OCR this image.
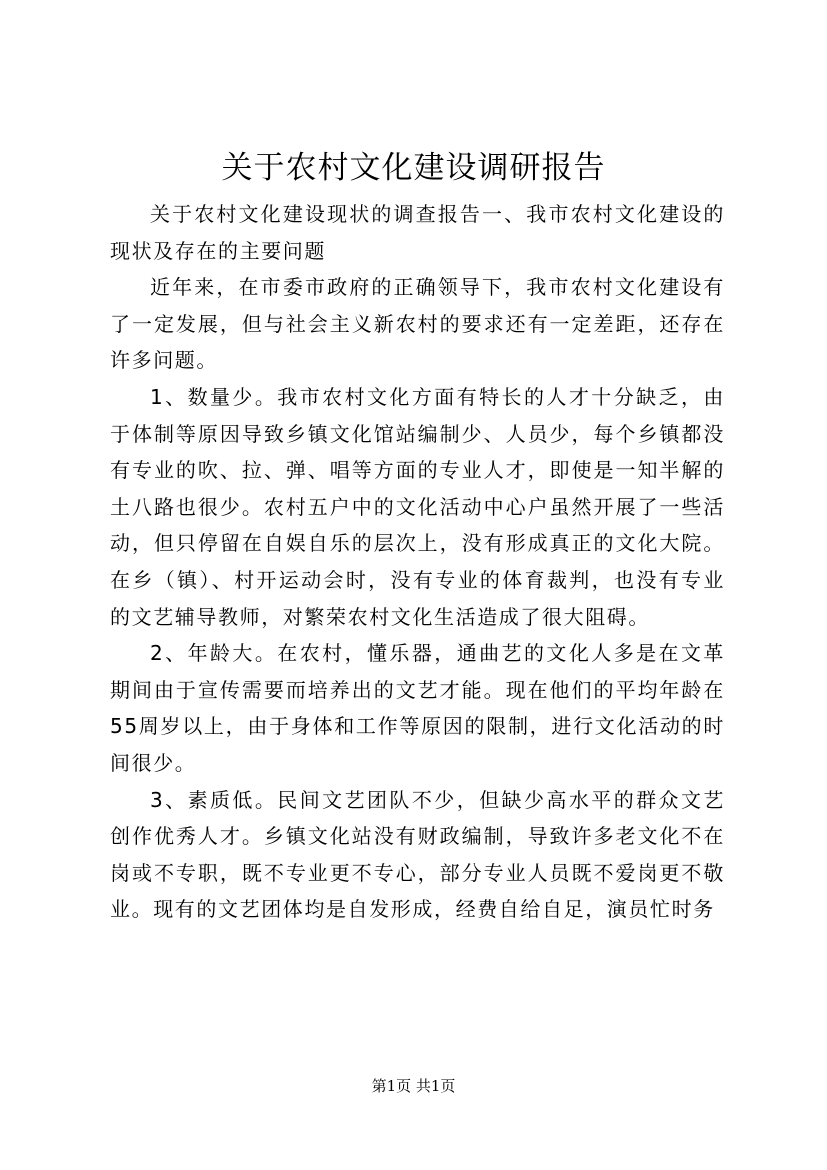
关于农村文化建设调研报告

关于农村文化建设现状的调查报告一、我市农村文化建设的现状及存在的主要问题

近年来，在市委市政府的正确领导下，我市农村文化建设有了一定发展，但与社会主义新农村的要求还有一定差距，还存在许多问题。

1、数量少。我市农村文化方面有特长的人才十分缺乏，由于体制等原因导致乡镇文化馆站编制少、人员少，每个乡镇都没有专业的吹、拉、弹、唱等方面的专业人才，即使是一知半解的土八路也很少。农村五户中的文化活动中心户虽然开展了一些活动，但只停留在自娱自乐的层次上，没有形成真正的文化大院。在乡（镇）、村开运动会时，没有专业的体育裁判，也没有专业的文艺辅导教师，对繁荣农村文化生活造成了很大阻碍。

2、年龄大。在农村，懂乐器，通曲艺的文化人多是在文革期间由于宣传需要而培养出的文艺才能。现在他们的平均年龄在55周岁以上，由于身体和工作等原因的限制，进行文化活动的时间很少。

3、素质低。民间文艺团队不少，但缺少高水平的群众文艺创作优秀人才。乡镇文化站没有财政编制，导致许多老文化不在岗或不专职，既不专业更不专心，部分专业人员既不爱岗更不敬业。现有的文艺团体均是自发形成，经费自给自足，演员忙时务

第1页 共1页
